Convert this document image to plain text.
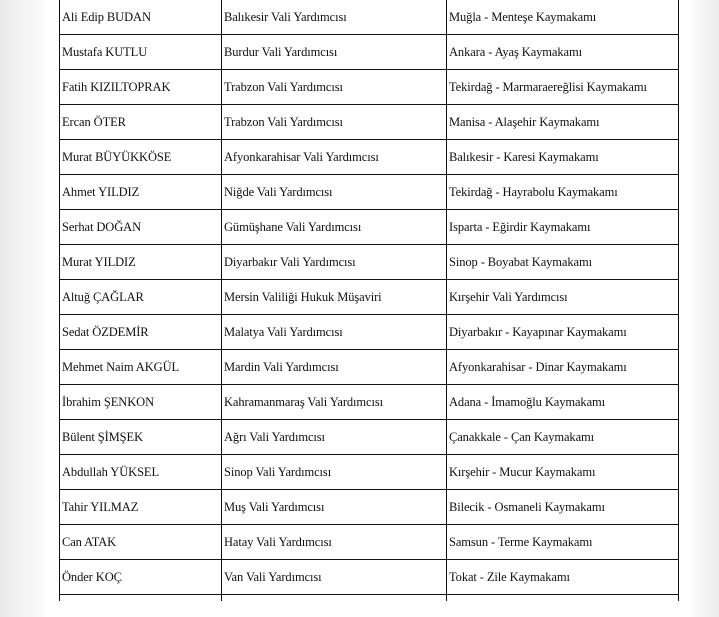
Ali Edip BUDAN	Balıkesir Vali Yardımcısı	Muğla - Menteşe Kaymakamı
Mustafa KUTLU	Burdur Vali Yardımcısı	Ankara - Ayaş Kaymakamı
Fatih KIZILTOPRAK	Trabzon Vali Yardımcısı	Tekirdağ - Marmaraereğlisi Kaymakamı
Ercan ÖTER	Trabzon Vali Yardımcısı	Manisa - Alaşehir Kaymakamı
Murat BÜYÜKKÖSE	Afyonkarahisar Vali Yardımcısı	Balıkesir - Karesi Kaymakamı
Ahmet YILDIZ	Niğde Vali Yardımcısı	Tekirdağ - Hayrabolu Kaymakamı
Serhat DOĞAN	Gümüşhane Vali Yardımcısı	Isparta - Eğirdir Kaymakamı
Murat YILDIZ	Diyarbakır Vali Yardımcısı	Sinop - Boyabat Kaymakamı
Altuğ ÇAĞLAR	Mersin Valiliği Hukuk Müşaviri	Kırşehir Vali Yardımcısı
Sedat ÖZDEMİR	Malatya Vali Yardımcısı	Diyarbakır - Kayapınar Kaymakamı
Mehmet Naim AKGÜL	Mardin Vali Yardımcısı	Afyonkarahisar - Dinar Kaymakamı
İbrahim ŞENKON	Kahramanmaraş Vali Yardımcısı	Adana - İmamoğlu Kaymakamı
Bülent ŞİMŞEK	Ağrı Vali Yardımcısı	Çanakkale - Çan Kaymakamı
Abdullah YÜKSEL	Sinop Vali Yardımcısı	Kırşehir - Mucur Kaymakamı
Tahir YILMAZ	Muş Vali Yardımcısı	Bilecik - Osmaneli Kaymakamı
Can ATAK	Hatay Vali Yardımcısı	Samsun - Terme Kaymakamı
Önder KOÇ	Van Vali Yardımcısı	Tokat - Zile Kaymakamı
